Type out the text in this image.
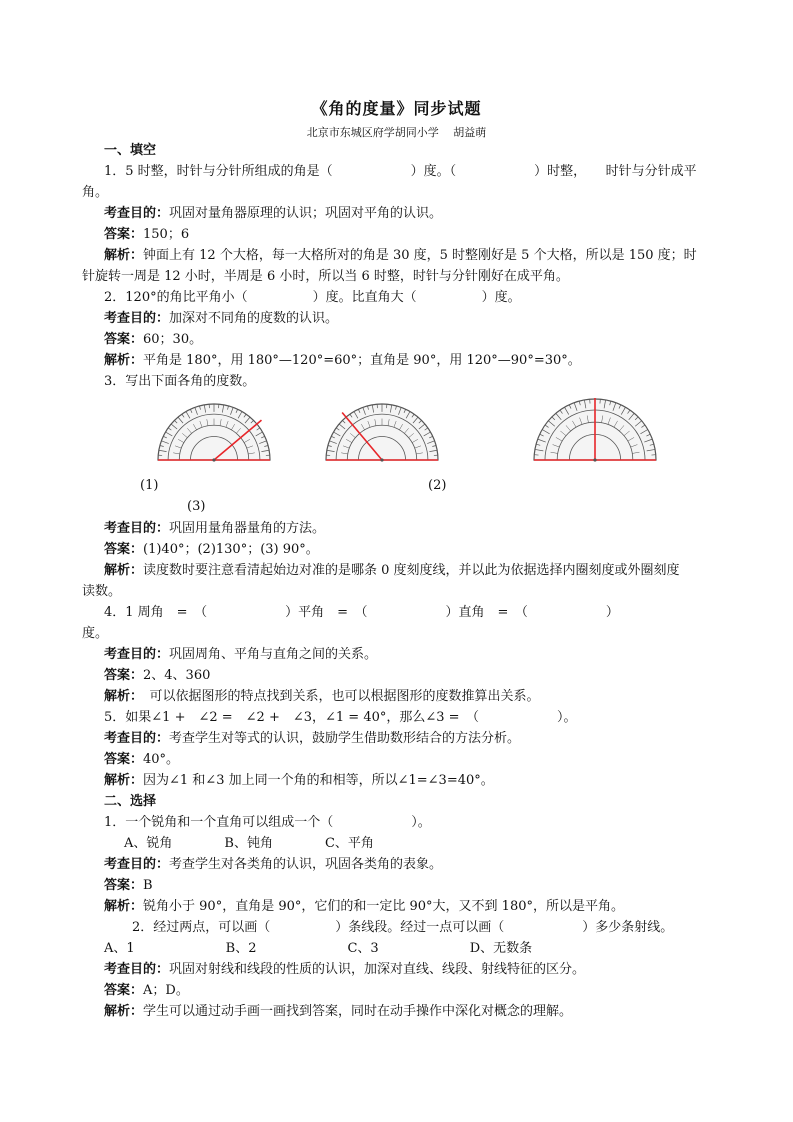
《角的度量》同步试题
北京市东城区府学胡同小学　 胡益萌
一、填空
1．5 时整，时针与分针所组成的角是（　　　　　　）度。（　　　　　　）时整，　　时针与分针成平
角。
考查目的：巩固对量角器原理的认识；巩固对平角的认识。
答案：150；6
解析：钟面上有 12 个大格，每一大格所对的角是 30 度，5 时整刚好是 5 个大格，所以是 150 度；时
针旋转一周是 12 小时，半周是 6 小时，所以当 6 时整，时针与分针刚好在成平角。
2．120°的角比平角小（　　　　　）度。比直角大（　　　　　）度。
考查目的：加深对不同角的度数的认识。
答案：60；30。
解析：平角是 180°，用 180°—120°=60°；直角是 90°，用 120°—90°=30°。
3．写出下面各角的度数。
(1)	(2)
(3)
考查目的：巩固用量角器量角的方法。
答案：(1)40°；(2)130°；(3) 90°。
解析：读度数时要注意看清起始边对准的是哪条 0 度刻度线，并以此为依据选择内圈刻度或外圈刻度
读数。
4．1 周角　=　（　　　　　　）平角　=　（　　　　　　）直角　=　（　　　　　　）
度。
考查目的：巩固周角、平角与直角之间的关系。
答案：2、4、360
解析：　可以依据图形的特点找到关系，也可以根据图形的度数推算出关系。
5．如果∠1 +　∠2 =　∠2 +　∠3，∠1 = 40°，那么∠3 =　（　　　　　　）。
考查目的：考查学生对等式的认识，鼓励学生借助数形结合的方法分析。
答案：40°。
解析：因为∠1 和∠3 加上同一个角的和相等，所以∠1=∠3=40°。
二、选择
1．一个锐角和一个直角可以组成一个（　　　　　　）。
A、锐角　　　　B、钝角　　　　C、平角
考查目的：考查学生对各类角的认识，巩固各类角的表象。
答案：B
解析：锐角小于 90°，直角是 90°，它们的和一定比 90°大，又不到 180°，所以是平角。
2．经过两点，可以画（　　　　　）条线段。经过一点可以画（　　　　　　）多少条射线。
A、1　　　　　　　B、2　　　　　　　C、3　　　　　　　D、无数条
考查目的：巩固对射线和线段的性质的认识，加深对直线、线段、射线特征的区分。
答案：A；D。
解析：学生可以通过动手画一画找到答案，同时在动手操作中深化对概念的理解。
